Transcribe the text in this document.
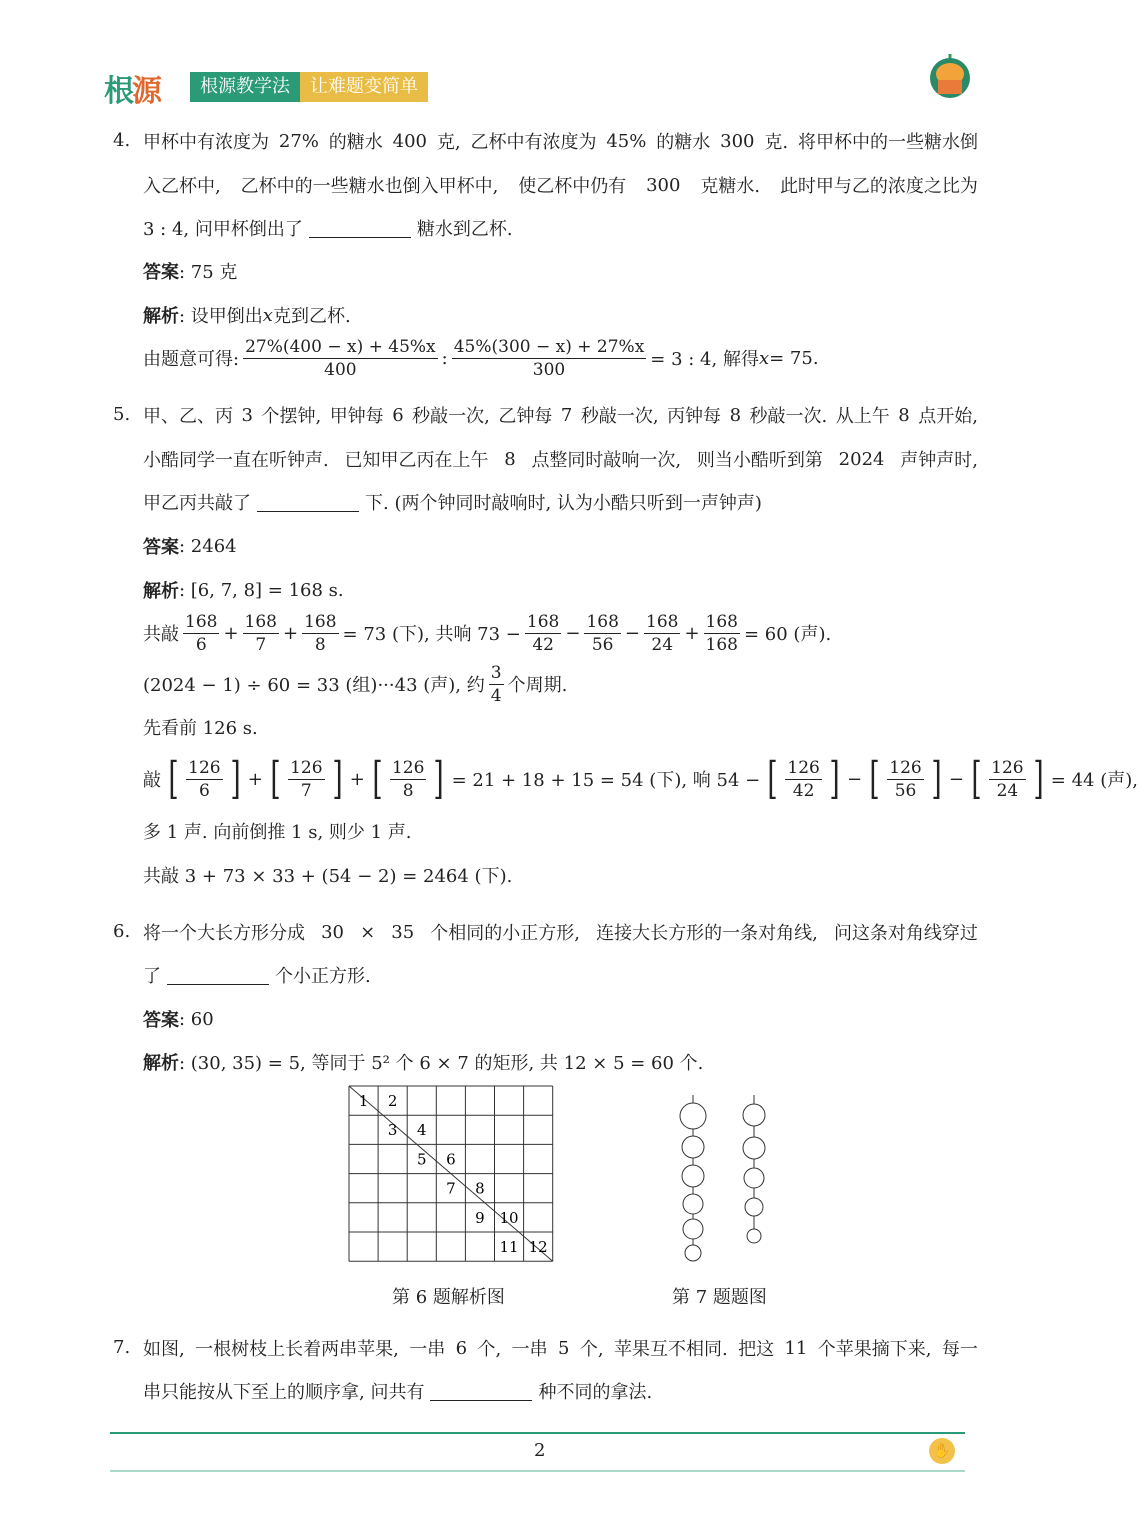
根源	根源教学法	让难题变简单
4.
5.
6.
7.
甲杯中有浓度为 27% 的糖水 400 克, 乙杯中有浓度为 45% 的糖水 300 克. 将甲杯中的一些糖水倒
入乙杯中, 乙杯中的一些糖水也倒入甲杯中, 使乙杯中仍有 300 克糖水. 此时甲与乙的浓度之比为
3 : 4, 问甲杯倒出了	糖水到乙杯.
答案 : 75 克
解析 : 设甲倒出 x 克到乙杯.
由题意可得: $\frac{27\%(400 - x) + 45\%x}{400}$ : $\frac{45\%(300 - x) + 27\%x}{300} = 3$ : 4, 解得 x = 75.
甲、乙、丙 3 个摆钟, 甲钟每 6 秒敲一次, 乙钟每 7 秒敲一次, 丙钟每 8 秒敲一次. 从上午 8 点开始,
小酷同学一直在听钟声. 已知甲乙丙在上午 8 点整同时敲响一次, 则当小酷听到第 2024 声钟声时,
甲乙丙共敲了	下. (两个钟同时敲响时, 认为小酷只听到一声钟声)
答案 : 2464
解析 : [6, 7, 8] = 168 s.
共敲 $\frac{168}{6} + \frac{168}{7} + \frac{168}{8} = 73$ (下), 共响 $73 - \frac{168}{42} - \frac{168}{56} - \frac{168}{24} + \frac{168}{168} = 60$ (声).
(2024 − 1) ÷ 60 = 33 (组)···43 (声), 约 $\frac{3}{4}$ 个周期.
先看前 126 s.
敲 [ $\frac{126}{6}$ ] + [ $\frac{126}{7}$ ] + [ $\frac{126}{8}$ ] = 21 + 18 + 15 = 54 (下), 响 54 − [ $\frac{126}{42}$ ] − [ $\frac{126}{56}$ ] − [ $\frac{126}{24}$ ] = 44 (声),
多 1 声. 向前倒推 1 s, 则少 1 声.
共敲 3 + 73 × 33 + (54 − 2) = 2464 (下).
将一个大长方形分成 30 × 35 个相同的小正方形, 连接大长方形的一条对角线, 问这条对角线穿过
了	个小正方形.
答案 : 60
解析 : (30, 35) = 5, 等同于 5² 个 6 × 7 的矩形, 共 12 × 5 = 60 个.
如图, 一根树枝上长着两串苹果, 一串 6 个, 一串 5 个, 苹果互不相同. 把这 11 个苹果摘下来, 每一
串只能按从下至上的顺序拿, 问共有	种不同的拿法.
1 2
3 4
5 6
7 8
9 10
11 12
第 6 题解析图	第 7 题题图
2	✋
